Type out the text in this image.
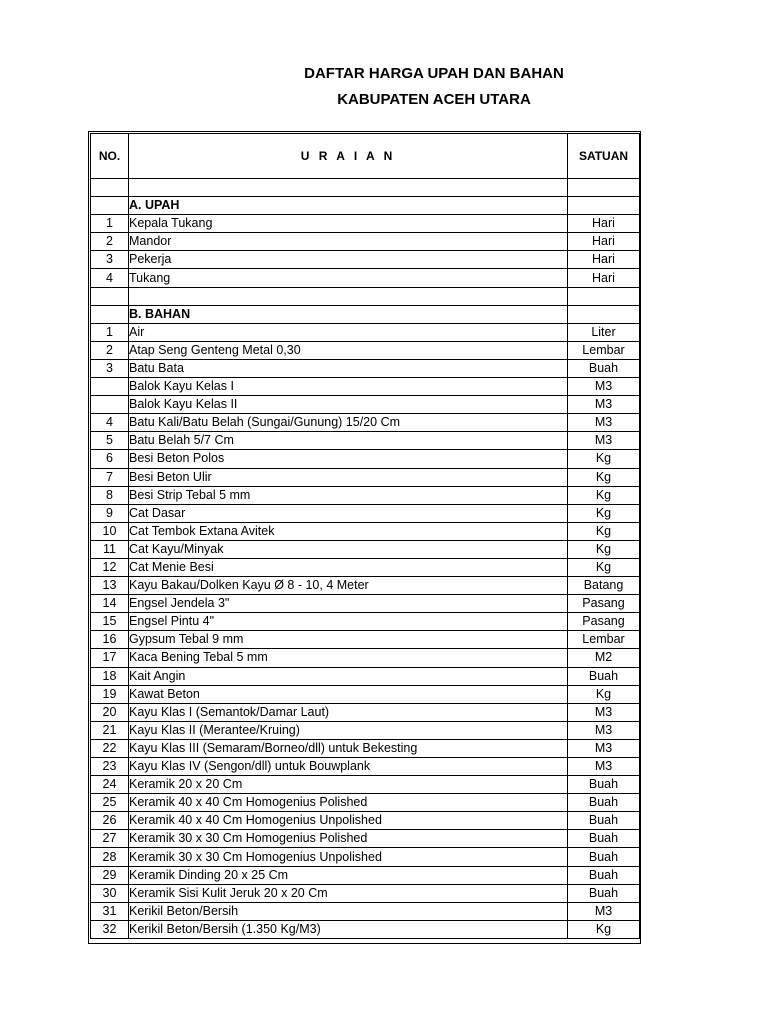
DAFTAR HARGA UPAH DAN BAHAN
KABUPATEN ACEH UTARA
NO.	U R A I A N	SATUAN

	A. UPAH	
1	Kepala Tukang	Hari
2	Mandor	Hari
3	Pekerja	Hari
4	Tukang	Hari

	B. BAHAN	
1	Air	Liter
2	Atap Seng Genteng Metal 0,30	Lembar
3	Batu Bata	Buah
	Balok Kayu Kelas I	M3
	Balok Kayu Kelas II	M3
4	Batu Kali/Batu Belah (Sungai/Gunung) 15/20 Cm	M3
5	Batu Belah 5/7 Cm	M3
6	Besi Beton Polos	Kg
7	Besi Beton Ulir	Kg
8	Besi Strip Tebal 5 mm	Kg
9	Cat Dasar	Kg
10	Cat Tembok Extana Avitek	Kg
11	Cat Kayu/Minyak	Kg
12	Cat Menie Besi	Kg
13	Kayu Bakau/Dolken Kayu Ø 8 - 10, 4 Meter	Batang
14	Engsel Jendela 3"	Pasang
15	Engsel Pintu 4"	Pasang
16	Gypsum Tebal 9 mm	Lembar
17	Kaca Bening Tebal 5 mm	M2
18	Kait Angin	Buah
19	Kawat Beton	Kg
20	Kayu Klas I (Semantok/Damar Laut)	M3
21	Kayu Klas II (Merantee/Kruing)	M3
22	Kayu Klas III (Semaram/Borneo/dll) untuk Bekesting	M3
23	Kayu Klas IV (Sengon/dll) untuk Bouwplank	M3
24	Keramik 20 x 20 Cm	Buah
25	Keramik 40 x 40 Cm Homogenius Polished	Buah
26	Keramik 40 x 40 Cm Homogenius Unpolished	Buah
27	Keramik 30 x 30 Cm Homogenius Polished	Buah
28	Keramik 30 x 30 Cm Homogenius Unpolished	Buah
29	Keramik Dinding 20 x 25 Cm	Buah
30	Keramik Sisi Kulit Jeruk 20 x 20 Cm	Buah
31	Kerikil Beton/Bersih	M3
32	Kerikil Beton/Bersih (1.350 Kg/M3)	Kg
